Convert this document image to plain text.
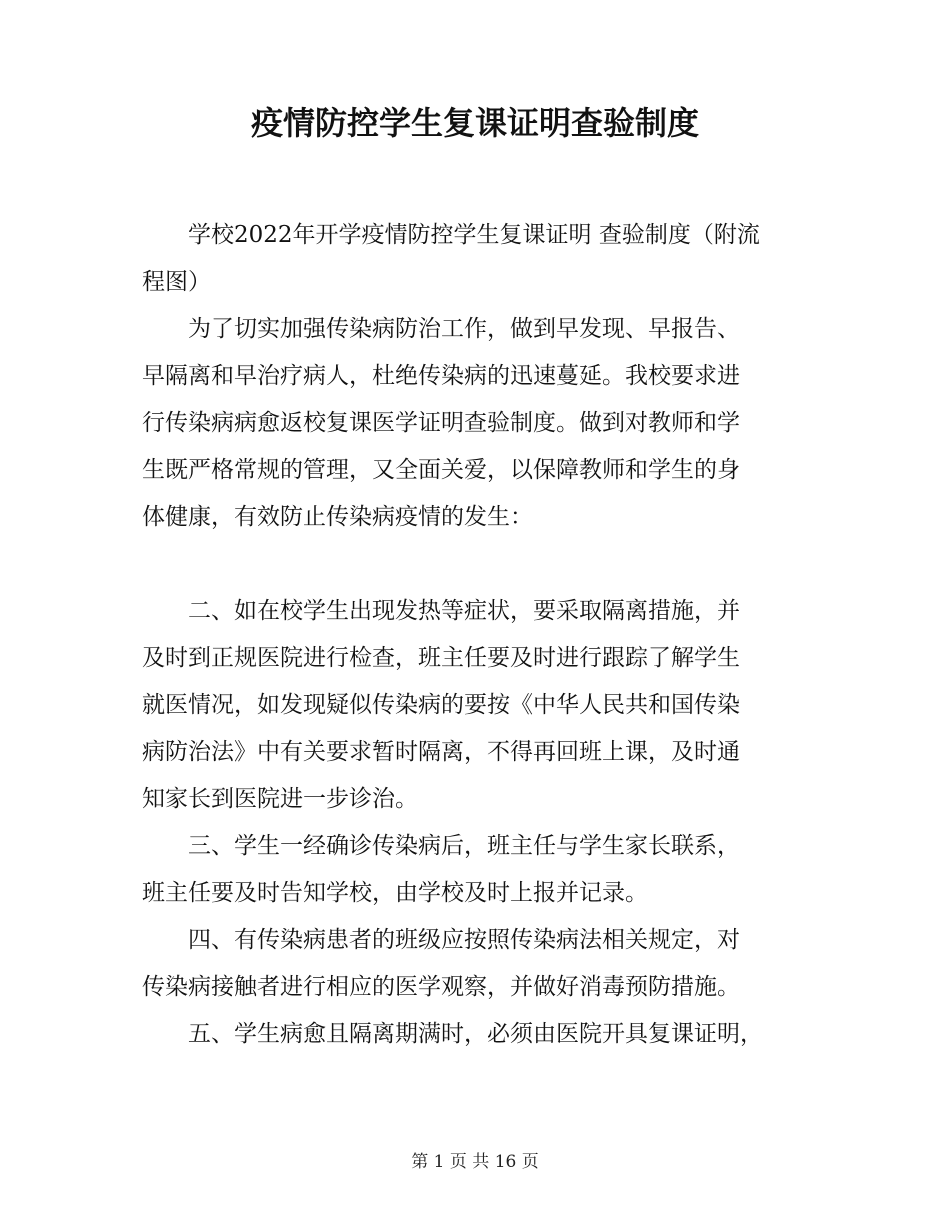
疫情防控学生复课证明查验制度

学校2022年开学疫情防控学生复课证明 查验制度（附流
程图）

为了切实加强传染病防治工作，做到早发现、早报告、
早隔离和早治疗病人，杜绝传染病的迅速蔓延。我校要求进
行传染病病愈返校复课医学证明查验制度。做到对教师和学
生既严格常规的管理，又全面关爱，以保障教师和学生的身
体健康，有效防止传染病疫情的发生：

二、如在校学生出现发热等症状，要采取隔离措施，并
及时到正规医院进行检查，班主任要及时进行跟踪了解学生
就医情况，如发现疑似传染病的要按《中华人民共和国传染
病防治法》中有关要求暂时隔离，不得再回班上课，及时通
知家长到医院进一步诊治。

三、学生一经确诊传染病后，班主任与学生家长联系，
班主任要及时告知学校，由学校及时上报并记录。

四、有传染病患者的班级应按照传染病法相关规定，对
传染病接触者进行相应的医学观察，并做好消毒预防措施。

五、学生病愈且隔离期满时，必须由医院开具复课证明，

第 1 页 共 16 页
